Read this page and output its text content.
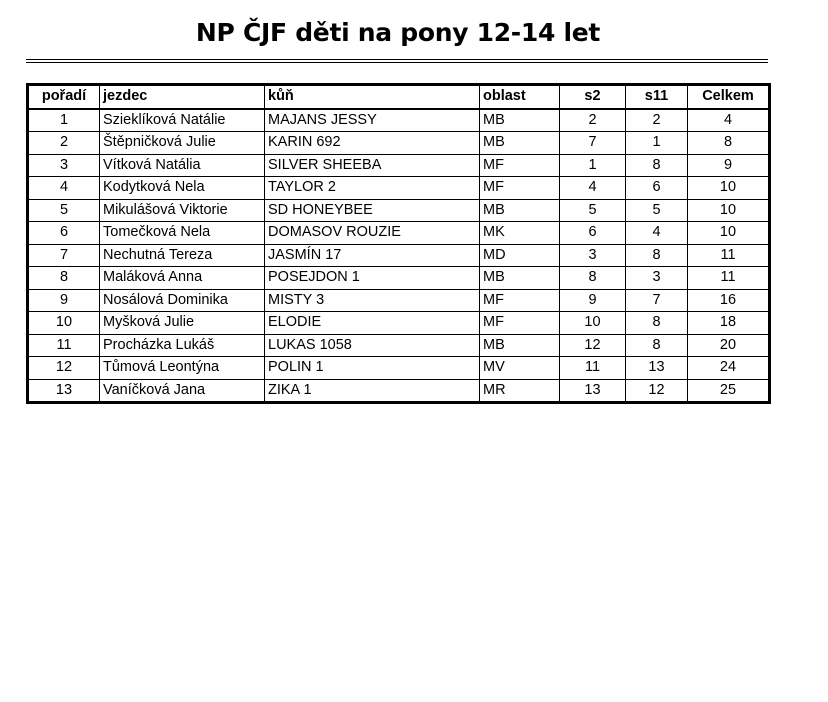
NP ČJF děti na pony 12-14 let
pořadí	jezdec	kůň	oblast	s2	s11	Celkem
1	Szieklíková Natálie	MAJANS JESSY	MB	2	2	4
2	Štěpničková Julie	KARIN 692	MB	7	1	8
3	Vítková Natália	SILVER SHEEBA	MF	1	8	9
4	Kodytková Nela	TAYLOR 2	MF	4	6	10
5	Mikulášová Viktorie	SD HONEYBEE	MB	5	5	10
6	Tomečková Nela	DOMASOV ROUZIE	MK	6	4	10
7	Nechutná Tereza	JASMÍN 17	MD	3	8	11
8	Maláková Anna	POSEJDON 1	MB	8	3	11
9	Nosálová Dominika	MISTY 3	MF	9	7	16
10	Myšková Julie	ELODIE	MF	10	8	18
11	Procházka Lukáš	LUKAS 1058	MB	12	8	20
12	Tůmová Leontýna	POLIN 1	MV	11	13	24
13	Vaníčková Jana	ZIKA 1	MR	13	12	25
